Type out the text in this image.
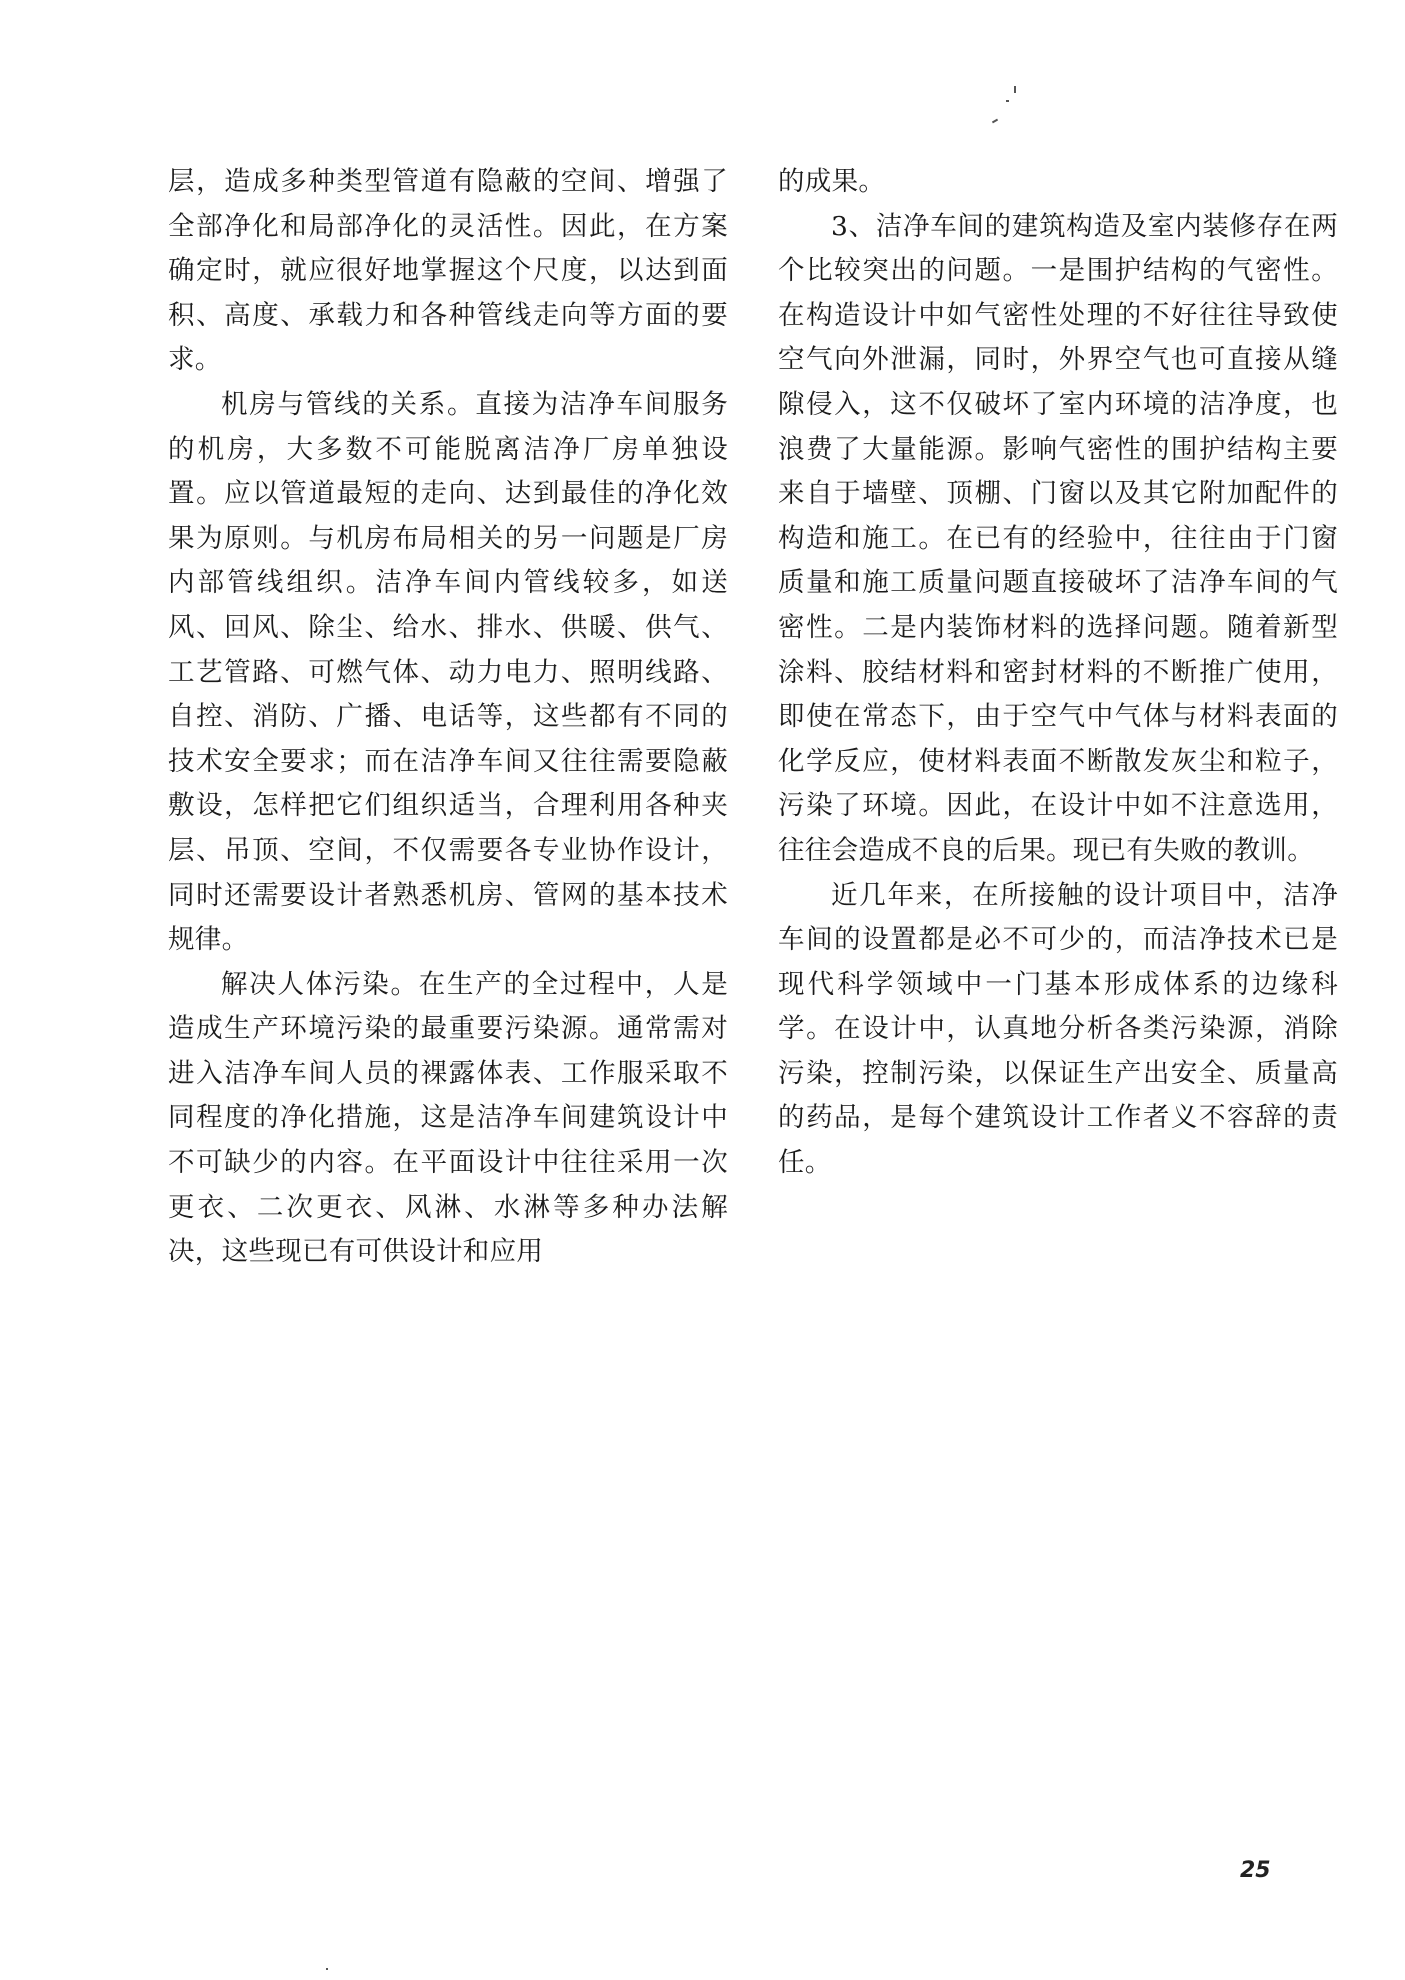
层，造成多种类型管道有隐蔽的空间、增强了全部净化和局部净化的灵活性。因此，在方案确定时，就应很好地掌握这个尺度，以达到面积、高度、承载力和各种管线走向等方面的要求。

机房与管线的关系。直接为洁净车间服务的机房，大多数不可能脱离洁净厂房单独设置。应以管道最短的走向、达到最佳的净化效果为原则。与机房布局相关的另一问题是厂房内部管线组织。洁净车间内管线较多，如送风、回风、除尘、给水、排水、供暖、供气、工艺管路、可燃气体、动力电力、照明线路、自控、消防、广播、电话等，这些都有不同的技术安全要求；而在洁净车间又往往需要隐蔽敷设，怎样把它们组织适当，合理利用各种夹层、吊顶、空间，不仅需要各专业协作设计，同时还需要设计者熟悉机房、管网的基本技术规律。

解决人体污染。在生产的全过程中，人是造成生产环境污染的最重要污染源。通常需对进入洁净车间人员的裸露体表、工作服采取不同程度的净化措施，这是洁净车间建筑设计中不可缺少的内容。在平面设计中往往采用一次更衣、二次更衣、风淋、水淋等多种办法解决，这些现已有可供设计和应用

的成果。

3、洁净车间的建筑构造及室内装修存在两个比较突出的问题。一是围护结构的气密性。在构造设计中如气密性处理的不好往往导致使空气向外泄漏，同时，外界空气也可直接从缝隙侵入，这不仅破坏了室内环境的洁净度，也浪费了大量能源。影响气密性的围护结构主要来自于墙壁、顶棚、门窗以及其它附加配件的构造和施工。在已有的经验中，往往由于门窗质量和施工质量问题直接破坏了洁净车间的气密性。二是内装饰材料的选择问题。随着新型涂料、胶结材料和密封材料的不断推广使用，即使在常态下，由于空气中气体与材料表面的化学反应，使材料表面不断散发灰尘和粒子，污染了环境。因此，在设计中如不注意选用，往往会造成不良的后果。现已有失败的教训。

近几年来，在所接触的设计项目中，洁净车间的设置都是必不可少的，而洁净技术已是现代科学领域中一门基本形成体系的边缘科学。在设计中，认真地分析各类污染源，消除污染，控制污染，以保证生产出安全、质量高的药品，是每个建筑设计工作者义不容辞的责任。

25
